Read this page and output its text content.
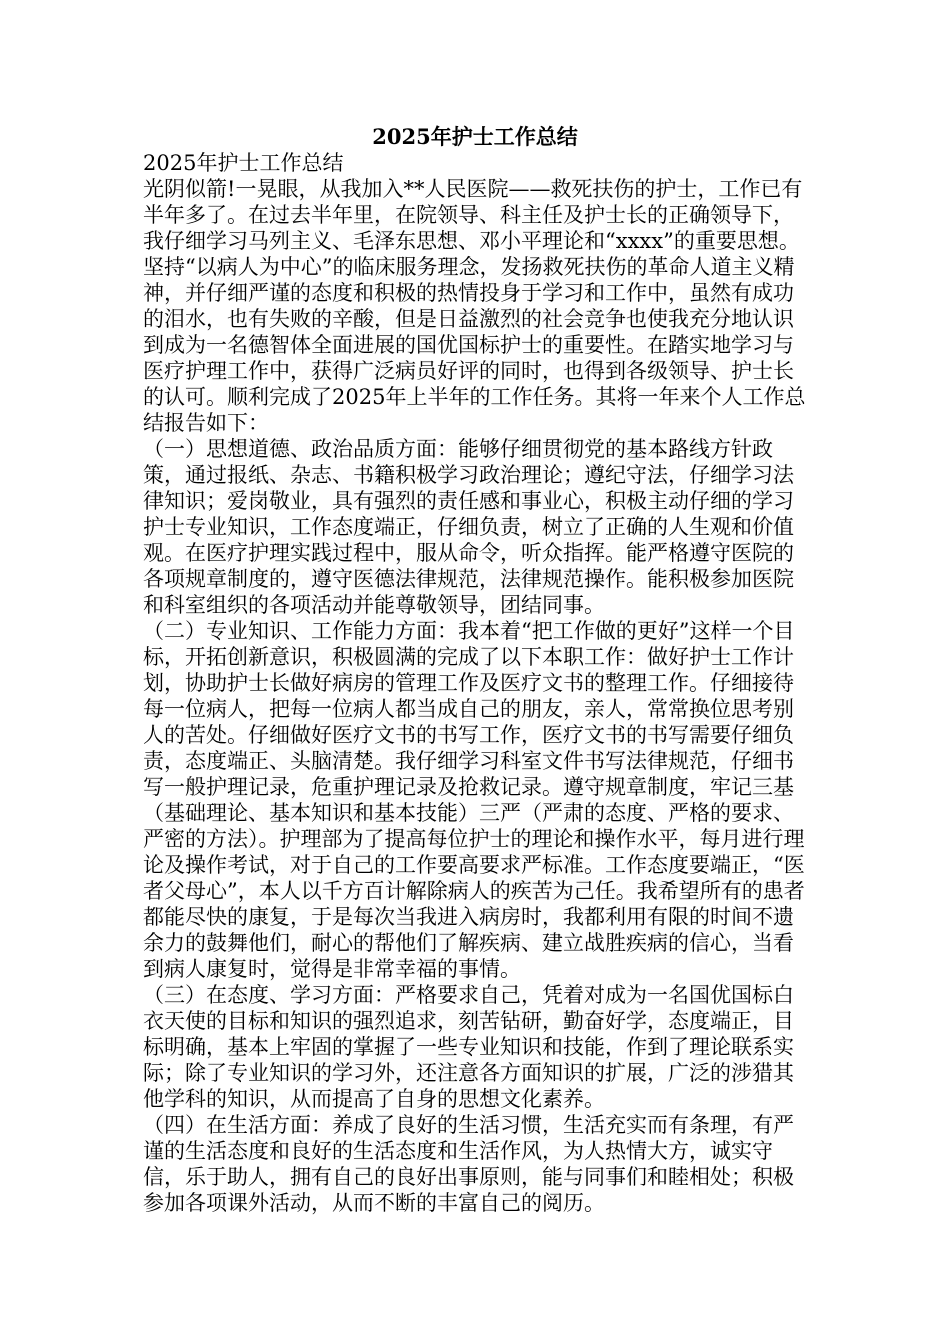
2025年护士工作总结

2025年护士工作总结

光阴似箭!一晃眼，从我加入**人民医院——救死扶伤的护士，工作已有半年多了。在过去半年里，在院领导、科主任及护士长的正确领导下，我仔细学习马列主义、毛泽东思想、邓小平理论和“xxxx”的重要思想。坚持“以病人为中心”的临床服务理念，发扬救死扶伤的革命人道主义精神，并仔细严谨的态度和积极的热情投身于学习和工作中，虽然有成功的泪水，也有失败的辛酸，但是日益激烈的社会竞争也使我充分地认识到成为一名德智体全面进展的国优国标护士的重要性。在踏实地学习与医疗护理工作中，获得广泛病员好评的同时，也得到各级领导、护士长的认可。顺利完成了2025年上半年的工作任务。其将一年来个人工作总结报告如下：

（一）思想道德、政治品质方面：能够仔细贯彻党的基本路线方针政策，通过报纸、杂志、书籍积极学习政治理论；遵纪守法，仔细学习法律知识；爱岗敬业，具有强烈的责任感和事业心，积极主动仔细的学习护士专业知识，工作态度端正，仔细负责，树立了正确的人生观和价值观。在医疗护理实践过程中，服从命令，听众指挥。能严格遵守医院的各项规章制度的，遵守医德法律规范，法律规范操作。能积极参加医院和科室组织的各项活动并能尊敬领导，团结同事。

（二）专业知识、工作能力方面：我本着“把工作做的更好”这样一个目标，开拓创新意识，积极圆满的完成了以下本职工作：做好护士工作计划，协助护士长做好病房的管理工作及医疗文书的整理工作。仔细接待每一位病人，把每一位病人都当成自己的朋友，亲人，常常换位思考别人的苦处。仔细做好医疗文书的书写工作，医疗文书的书写需要仔细负责，态度端正、头脑清楚。我仔细学习科室文件书写法律规范，仔细书写一般护理记录，危重护理记录及抢救记录。遵守规章制度，牢记三基（基础理论、基本知识和基本技能）三严（严肃的态度、严格的要求、严密的方法）。护理部为了提高每位护士的理论和操作水平，每月进行理论及操作考试，对于自己的工作要高要求严标准。工作态度要端正，“医者父母心”，本人以千方百计解除病人的疾苦为己任。我希望所有的患者都能尽快的康复，于是每次当我进入病房时，我都利用有限的时间不遗余力的鼓舞他们，耐心的帮他们了解疾病、建立战胜疾病的信心，当看到病人康复时，觉得是非常幸福的事情。

（三）在态度、学习方面：严格要求自己，凭着对成为一名国优国标白衣天使的目标和知识的强烈追求，刻苦钻研，勤奋好学，态度端正，目标明确，基本上牢固的掌握了一些专业知识和技能，作到了理论联系实际；除了专业知识的学习外，还注意各方面知识的扩展，广泛的涉猎其他学科的知识，从而提高了自身的思想文化素养。

（四）在生活方面：养成了良好的生活习惯，生活充实而有条理，有严谨的生活态度和良好的生活态度和生活作风，为人热情大方，诚实守信，乐于助人，拥有自己的良好出事原则，能与同事们和睦相处；积极参加各项课外活动，从而不断的丰富自己的阅历。
